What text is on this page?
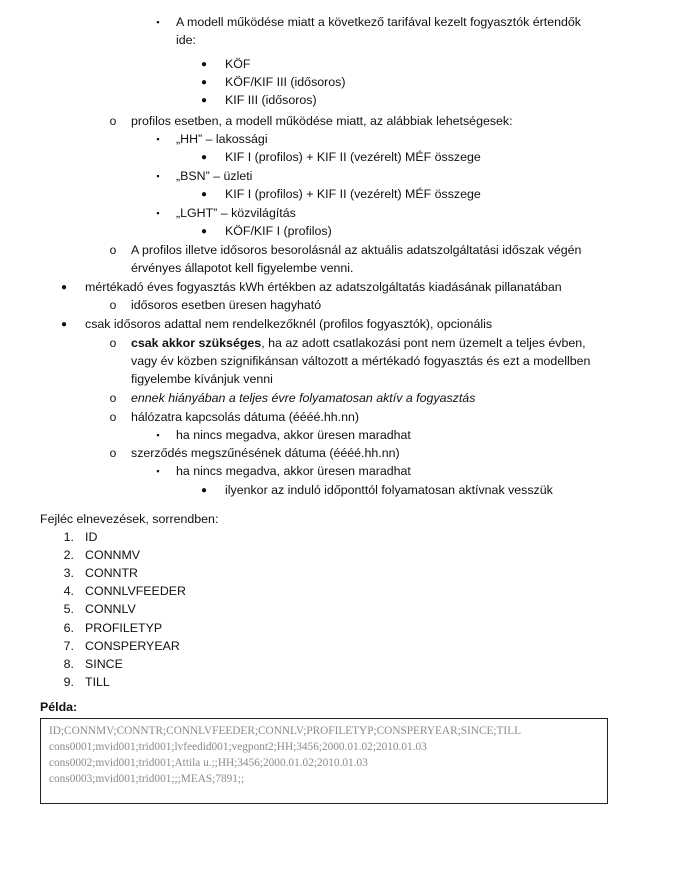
▪	A modell működése miatt a következő tarifával kezelt fogyasztók értendők
ide:
●	KÖF
●	KÖF/KIF III (idősoros)
●	KIF III (idősoros)
o profilos esetben, a modell működése miatt, az alábbiak lehetségesek:
▪	„HH” – lakossági
●	KIF I (profilos) + KIF II (vezérelt) MÉF összege
▪	„BSN” – üzleti
●	KIF I (profilos) + KIF II (vezérelt) MÉF összege
▪	„LGHT” – közvilágítás
●	KÖF/KIF I (profilos)
o A profilos illetve idősoros besorolásnál az aktuális adatszolgáltatási időszak végén
érvényes állapotot kell figyelembe venni.
●	mértékadó éves fogyasztás kWh értékben az adatszolgáltatás kiadásának pillanatában
o idősoros esetben üresen hagyható
●	csak idősoros adattal nem rendelkezőknél (profilos fogyasztók), opcionális
o csak akkor szükséges, ha az adott csatlakozási pont nem üzemelt a teljes évben,
vagy év közben szignifikánsan változott a mértékadó fogyasztás és ezt a modellben
figyelembe kívánjuk venni
o ennek hiányában a teljes évre folyamatosan aktív a fogyasztás
o hálózatra kapcsolás dátuma (éééé.hh.nn)
▪	ha nincs megadva, akkor üresen maradhat
o szerződés megszűnésének dátuma (éééé.hh.nn)
▪	ha nincs megadva, akkor üresen maradhat
●	ilyenkor az induló időponttól folyamatosan aktívnak vesszük
Fejléc elnevezések, sorrendben:
1. ID
2. CONNMV
3. CONNTR
4. CONNLVFEEDER
5. CONNLV
6. PROFILETYP
7. CONSPERYEAR
8. SINCE
9. TILL
Példa:
ID;CONNMV;CONNTR;CONNLVFEEDER;CONNLV;PROFILETYP;CONSPERYEAR;SINCE;TILL
cons0001;mvid001;trid001;lvfeedid001;vegpont2;HH;3456;2000.01.02;2010.01.03
cons0002;mvid001;trid001;Attila u.;;HH;3456;2000.01.02;2010.01.03
cons0003;mvid001;trid001;;;MEAS;7891;;
